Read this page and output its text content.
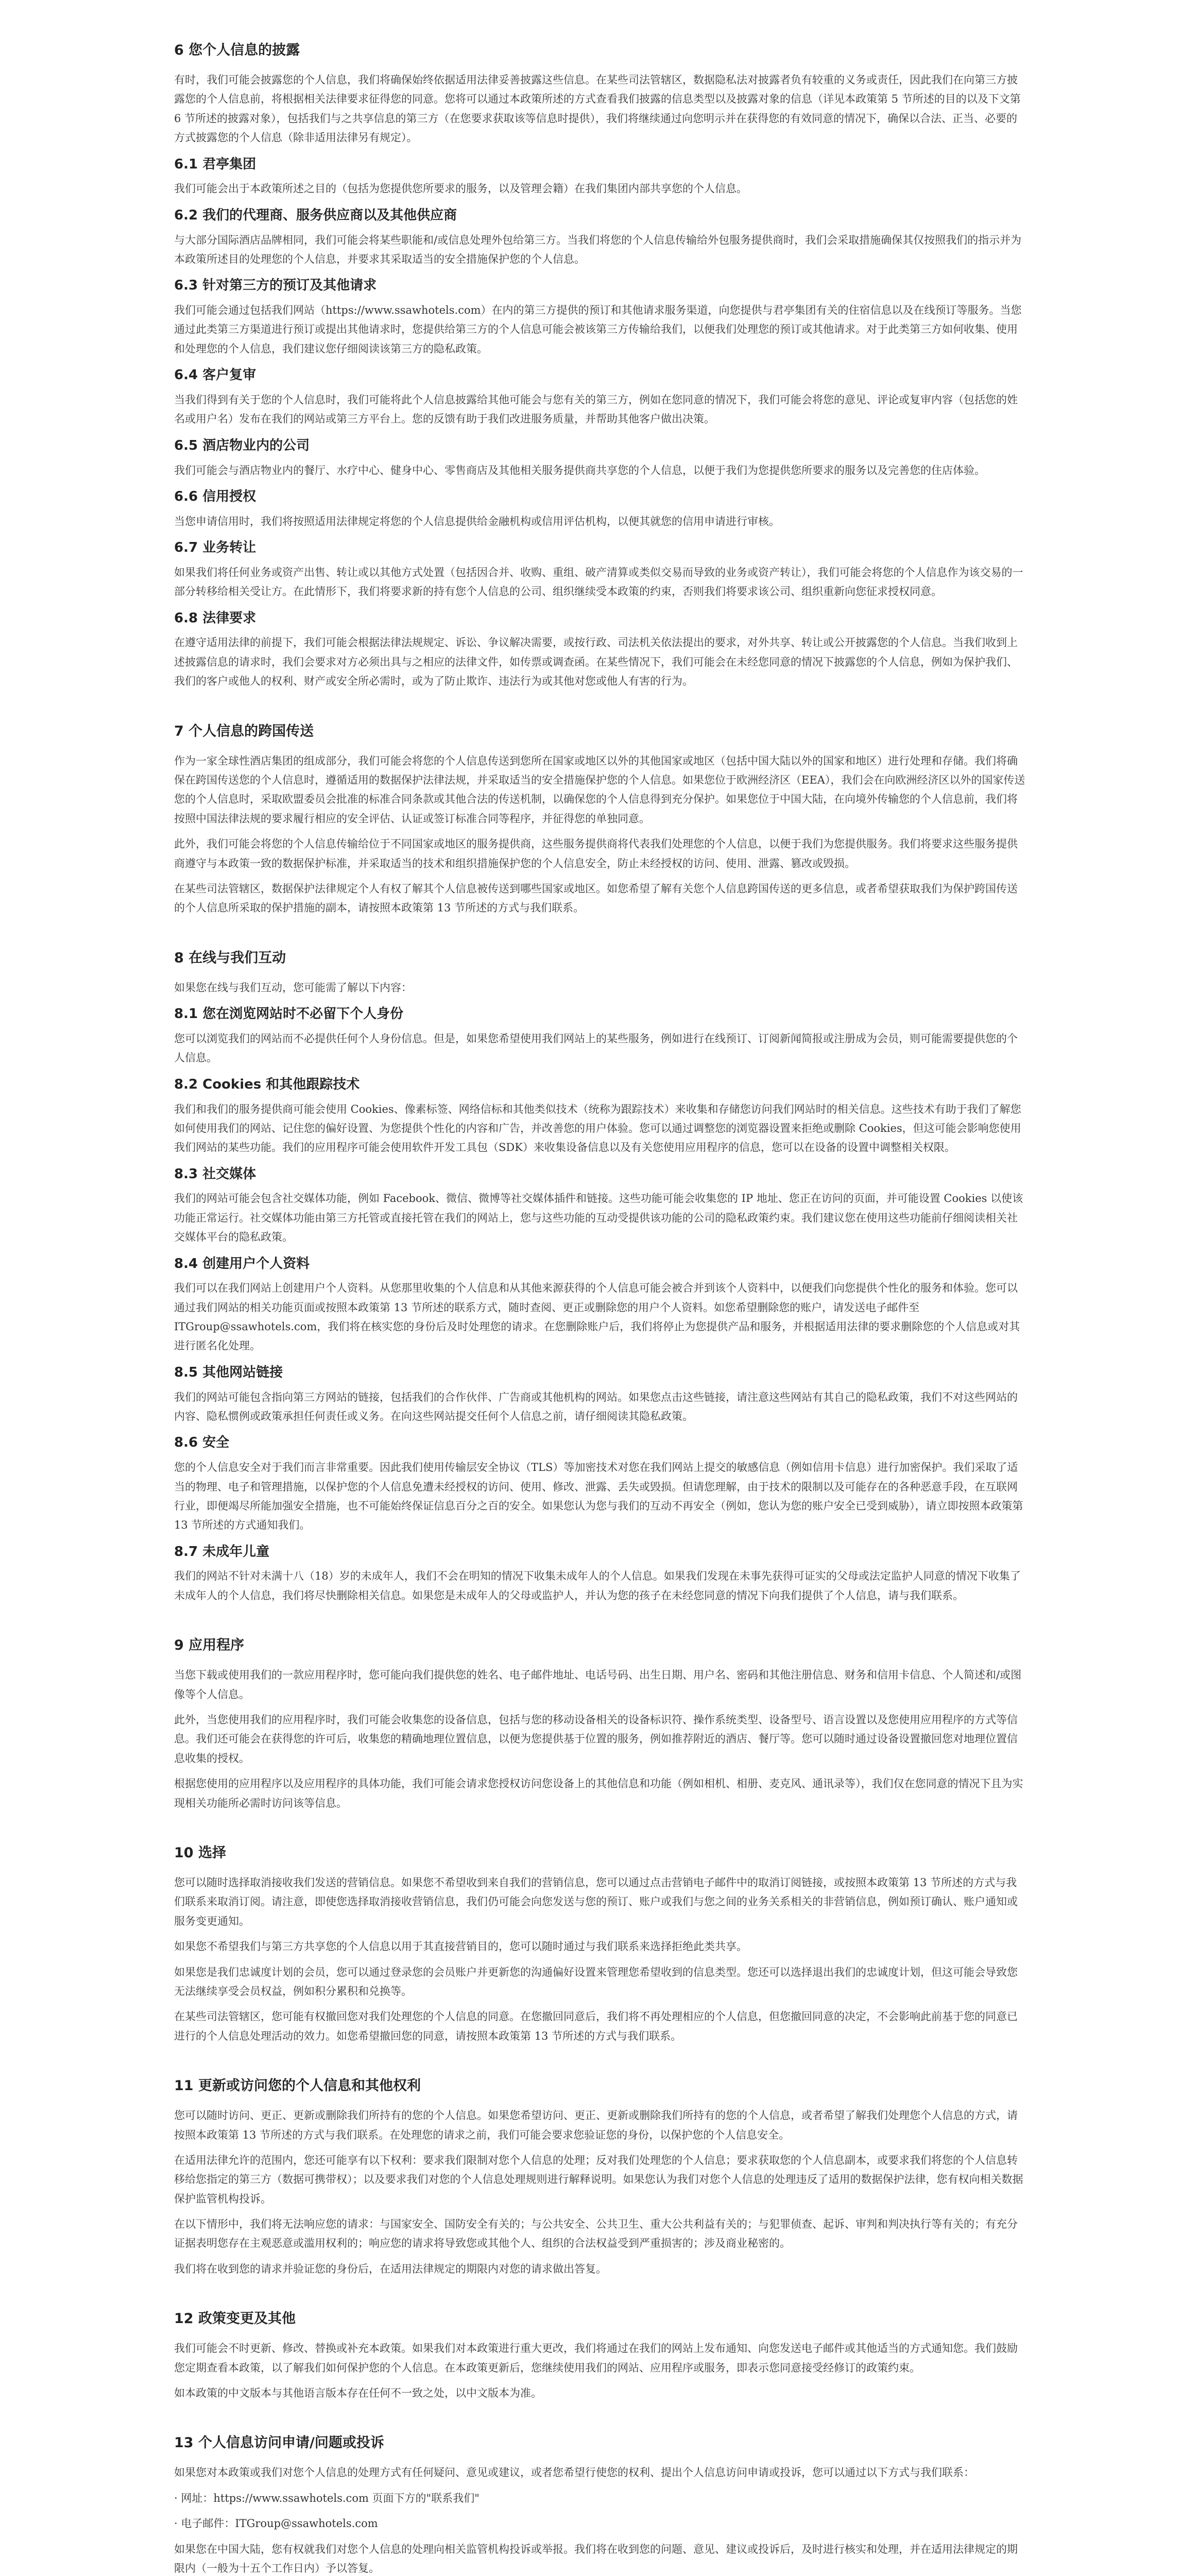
6 您个人信息的披露
有时，我们可能会披露您的个人信息，我们将确保始终依据适用法律妥善披露这些信息。在某些司法管辖区，数据隐私法对披露者负有较重的义务或责任，因此我们在向第三方披露您的个人信息前，将根据相关法律要求征得您的同意。您将可以通过本政策所述的方式查看我们披露的信息类型以及披露对象的信息（详见本政策第 5 节所述的目的以及下文第 6 节所述的披露对象），包括我们与之共享信息的第三方（在您要求获取该等信息时提供），我们将继续通过向您明示并在获得您的有效同意的情况下，确保以合法、正当、必要的方式披露您的个人信息（除非适用法律另有规定）。
6.1 君亭集团
我们可能会出于本政策所述之目的（包括为您提供您所要求的服务，以及管理会籍）在我们集团内部共享您的个人信息。
6.2 我们的代理商、服务供应商以及其他供应商
与大部分国际酒店品牌相同，我们可能会将某些职能和/或信息处理外包给第三方。当我们将您的个人信息传输给外包服务提供商时，我们会采取措施确保其仅按照我们的指示并为本政策所述目的处理您的个人信息，并要求其采取适当的安全措施保护您的个人信息。
6.3 针对第三方的预订及其他请求
我们可能会通过包括我们网站（https://www.ssawhotels.com）在内的第三方提供的预订和其他请求服务渠道，向您提供与君亭集团有关的住宿信息以及在线预订等服务。当您通过此类第三方渠道进行预订或提出其他请求时，您提供给第三方的个人信息可能会被该第三方传输给我们，以便我们处理您的预订或其他请求。对于此类第三方如何收集、使用和处理您的个人信息，我们建议您仔细阅读该第三方的隐私政策。
6.4 客户复审
当我们得到有关于您的个人信息时，我们可能将此个人信息披露给其他可能会与您有关的第三方，例如在您同意的情况下，我们可能会将您的意见、评论或复审内容（包括您的姓名或用户名）发布在我们的网站或第三方平台上。您的反馈有助于我们改进服务质量，并帮助其他客户做出决策。
6.5 酒店物业内的公司
我们可能会与酒店物业内的餐厅、水疗中心、健身中心、零售商店及其他相关服务提供商共享您的个人信息，以便于我们为您提供您所要求的服务以及完善您的住店体验。
6.6 信用授权
当您申请信用时，我们将按照适用法律规定将您的个人信息提供给金融机构或信用评估机构，以便其就您的信用申请进行审核。
6.7 业务转让
如果我们将任何业务或资产出售、转让或以其他方式处置（包括因合并、收购、重组、破产清算或类似交易而导致的业务或资产转让），我们可能会将您的个人信息作为该交易的一部分转移给相关受让方。在此情形下，我们将要求新的持有您个人信息的公司、组织继续受本政策的约束，否则我们将要求该公司、组织重新向您征求授权同意。
6.8 法律要求
在遵守适用法律的前提下，我们可能会根据法律法规规定、诉讼、争议解决需要，或按行政、司法机关依法提出的要求，对外共享、转让或公开披露您的个人信息。当我们收到上述披露信息的请求时，我们会要求对方必须出具与之相应的法律文件，如传票或调查函。在某些情况下，我们可能会在未经您同意的情况下披露您的个人信息，例如为保护我们、我们的客户或他人的权利、财产或安全所必需时，或为了防止欺诈、违法行为或其他对您或他人有害的行为。
7 个人信息的跨国传送
作为一家全球性酒店集团的组成部分，我们可能会将您的个人信息传送到您所在国家或地区以外的其他国家或地区（包括中国大陆以外的国家和地区）进行处理和存储。我们将确保在跨国传送您的个人信息时，遵循适用的数据保护法律法规，并采取适当的安全措施保护您的个人信息。如果您位于欧洲经济区（EEA），我们会在向欧洲经济区以外的国家传送您的个人信息时，采取欧盟委员会批准的标准合同条款或其他合法的传送机制，以确保您的个人信息得到充分保护。如果您位于中国大陆，在向境外传输您的个人信息前，我们将按照中国法律法规的要求履行相应的安全评估、认证或签订标准合同等程序，并征得您的单独同意。
此外，我们可能会将您的个人信息传输给位于不同国家或地区的服务提供商，这些服务提供商将代表我们处理您的个人信息，以便于我们为您提供服务。我们将要求这些服务提供商遵守与本政策一致的数据保护标准，并采取适当的技术和组织措施保护您的个人信息安全，防止未经授权的访问、使用、泄露、篡改或毁损。
在某些司法管辖区，数据保护法律规定个人有权了解其个人信息被传送到哪些国家或地区。如您希望了解有关您个人信息跨国传送的更多信息，或者希望获取我们为保护跨国传送的个人信息所采取的保护措施的副本，请按照本政策第 13 节所述的方式与我们联系。
8 在线与我们互动
如果您在线与我们互动，您可能需了解以下内容：
8.1 您在浏览网站时不必留下个人身份
您可以浏览我们的网站而不必提供任何个人身份信息。但是，如果您希望使用我们网站上的某些服务，例如进行在线预订、订阅新闻简报或注册成为会员，则可能需要提供您的个人信息。
8.2 Cookies 和其他跟踪技术
我们和我们的服务提供商可能会使用 Cookies、像素标签、网络信标和其他类似技术（统称为跟踪技术）来收集和存储您访问我们网站时的相关信息。这些技术有助于我们了解您如何使用我们的网站、记住您的偏好设置、为您提供个性化的内容和广告，并改善您的用户体验。您可以通过调整您的浏览器设置来拒绝或删除 Cookies，但这可能会影响您使用我们网站的某些功能。我们的应用程序可能会使用软件开发工具包（SDK）来收集设备信息以及有关您使用应用程序的信息，您可以在设备的设置中调整相关权限。
8.3 社交媒体
我们的网站可能会包含社交媒体功能，例如 Facebook、微信、微博等社交媒体插件和链接。这些功能可能会收集您的 IP 地址、您正在访问的页面，并可能设置 Cookies 以使该功能正常运行。社交媒体功能由第三方托管或直接托管在我们的网站上，您与这些功能的互动受提供该功能的公司的隐私政策约束。我们建议您在使用这些功能前仔细阅读相关社交媒体平台的隐私政策。
8.4 创建用户个人资料
我们可以在我们网站上创建用户个人资料。从您那里收集的个人信息和从其他来源获得的个人信息可能会被合并到该个人资料中，以便我们向您提供个性化的服务和体验。您可以通过我们网站的相关功能页面或按照本政策第 13 节所述的联系方式，随时查阅、更正或删除您的用户个人资料。如您希望删除您的账户，请发送电子邮件至 ITGroup@ssawhotels.com，我们将在核实您的身份后及时处理您的请求。在您删除账户后，我们将停止为您提供产品和服务，并根据适用法律的要求删除您的个人信息或对其进行匿名化处理。
8.5 其他网站链接
我们的网站可能包含指向第三方网站的链接，包括我们的合作伙伴、广告商或其他机构的网站。如果您点击这些链接，请注意这些网站有其自己的隐私政策，我们不对这些网站的内容、隐私惯例或政策承担任何责任或义务。在向这些网站提交任何个人信息之前，请仔细阅读其隐私政策。
8.6 安全
您的个人信息安全对于我们而言非常重要。因此我们使用传输层安全协议（TLS）等加密技术对您在我们网站上提交的敏感信息（例如信用卡信息）进行加密保护。我们采取了适当的物理、电子和管理措施，以保护您的个人信息免遭未经授权的访问、使用、修改、泄露、丢失或毁损。但请您理解，由于技术的限制以及可能存在的各种恶意手段，在互联网行业，即便竭尽所能加强安全措施，也不可能始终保证信息百分之百的安全。如果您认为您与我们的互动不再安全（例如，您认为您的账户安全已受到威胁），请立即按照本政策第 13 节所述的方式通知我们。
8.7 未成年儿童
我们的网站不针对未满十八（18）岁的未成年人，我们不会在明知的情况下收集未成年人的个人信息。如果我们发现在未事先获得可证实的父母或法定监护人同意的情况下收集了未成年人的个人信息，我们将尽快删除相关信息。如果您是未成年人的父母或监护人，并认为您的孩子在未经您同意的情况下向我们提供了个人信息，请与我们联系。
9 应用程序
当您下载或使用我们的一款应用程序时，您可能向我们提供您的姓名、电子邮件地址、电话号码、出生日期、用户名、密码和其他注册信息、财务和信用卡信息、个人简述和/或图像等个人信息。
此外，当您使用我们的应用程序时，我们可能会收集您的设备信息，包括与您的移动设备相关的设备标识符、操作系统类型、设备型号、语言设置以及您使用应用程序的方式等信息。我们还可能会在获得您的许可后，收集您的精确地理位置信息，以便为您提供基于位置的服务，例如推荐附近的酒店、餐厅等。您可以随时通过设备设置撤回您对地理位置信息收集的授权。
根据您使用的应用程序以及应用程序的具体功能，我们可能会请求您授权访问您设备上的其他信息和功能（例如相机、相册、麦克风、通讯录等），我们仅在您同意的情况下且为实现相关功能所必需时访问该等信息。
10 选择
您可以随时选择取消接收我们发送的营销信息。如果您不希望收到来自我们的营销信息，您可以通过点击营销电子邮件中的取消订阅链接，或按照本政策第 13 节所述的方式与我们联系来取消订阅。请注意，即使您选择取消接收营销信息，我们仍可能会向您发送与您的预订、账户或我们与您之间的业务关系相关的非营销信息，例如预订确认、账户通知或服务变更通知。
如果您不希望我们与第三方共享您的个人信息以用于其直接营销目的，您可以随时通过与我们联系来选择拒绝此类共享。
如果您是我们忠诚度计划的会员，您可以通过登录您的会员账户并更新您的沟通偏好设置来管理您希望收到的信息类型。您还可以选择退出我们的忠诚度计划，但这可能会导致您无法继续享受会员权益，例如积分累积和兑换等。
在某些司法管辖区，您可能有权撤回您对我们处理您的个人信息的同意。在您撤回同意后，我们将不再处理相应的个人信息，但您撤回同意的决定，不会影响此前基于您的同意已进行的个人信息处理活动的效力。如您希望撤回您的同意，请按照本政策第 13 节所述的方式与我们联系。
11 更新或访问您的个人信息和其他权利
您可以随时访问、更正、更新或删除我们所持有的您的个人信息。如果您希望访问、更正、更新或删除我们所持有的您的个人信息，或者希望了解我们处理您个人信息的方式，请按照本政策第 13 节所述的方式与我们联系。在处理您的请求之前，我们可能会要求您验证您的身份，以保护您的个人信息安全。
在适用法律允许的范围内，您还可能享有以下权利：要求我们限制对您个人信息的处理；反对我们处理您的个人信息；要求获取您的个人信息副本，或要求我们将您的个人信息转移给您指定的第三方（数据可携带权）；以及要求我们对您的个人信息处理规则进行解释说明。如果您认为我们对您个人信息的处理违反了适用的数据保护法律，您有权向相关数据保护监管机构投诉。
在以下情形中，我们将无法响应您的请求：与国家安全、国防安全有关的；与公共安全、公共卫生、重大公共利益有关的；与犯罪侦查、起诉、审判和判决执行等有关的；有充分证据表明您存在主观恶意或滥用权利的；响应您的请求将导致您或其他个人、组织的合法权益受到严重损害的；涉及商业秘密的。
我们将在收到您的请求并验证您的身份后，在适用法律规定的期限内对您的请求做出答复。
12 政策变更及其他
我们可能会不时更新、修改、替换或补充本政策。如果我们对本政策进行重大更改，我们将通过在我们的网站上发布通知、向您发送电子邮件或其他适当的方式通知您。我们鼓励您定期查看本政策，以了解我们如何保护您的个人信息。在本政策更新后，您继续使用我们的网站、应用程序或服务，即表示您同意接受经修订的政策约束。
如本政策的中文版本与其他语言版本存在任何不一致之处，以中文版本为准。
13 个人信息访问申请/问题或投诉
如果您对本政策或我们对您个人信息的处理方式有任何疑问、意见或建议，或者您希望行使您的权利、提出个人信息访问申请或投诉，您可以通过以下方式与我们联系：
· 网址：https://www.ssawhotels.com 页面下方的"联系我们"
· 电子邮件：ITGroup@ssawhotels.com
如果您在中国大陆，您有权就我们对您个人信息的处理向相关监管机构投诉或举报。我们将在收到您的问题、意见、建议或投诉后，及时进行核实和处理，并在适用法律规定的期限内（一般为十五个工作日内）予以答复。
